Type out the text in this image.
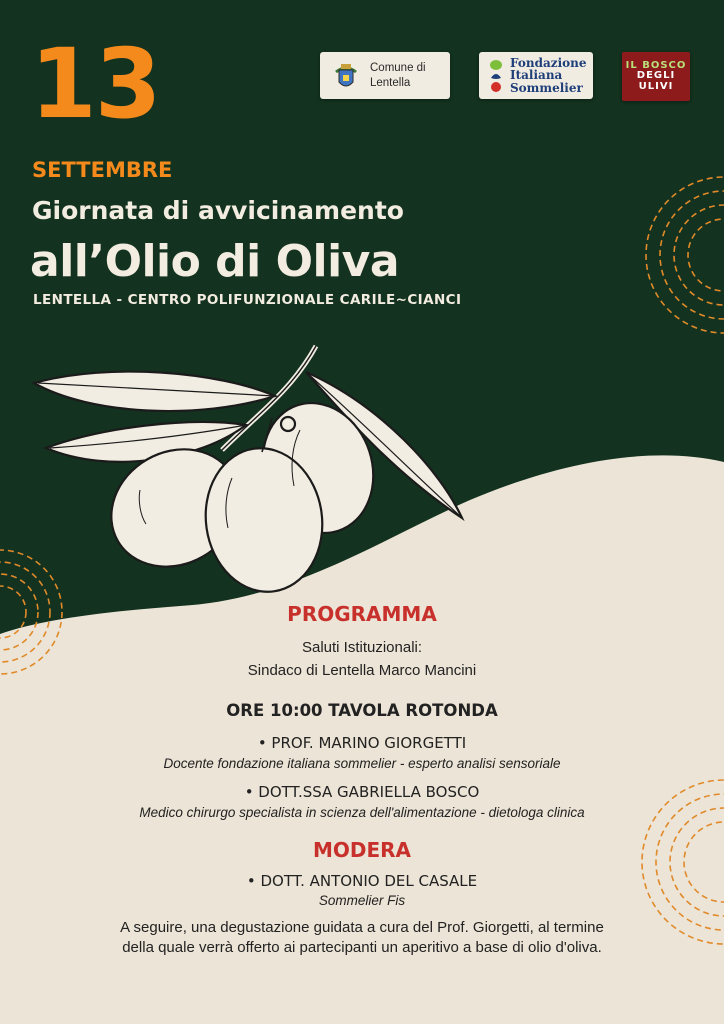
13
SETTEMBRE
Giornata di avvicinamento
all’Olio di Oliva
LENTELLA - CENTRO POLIFUNZIONALE CARILE~CIANCI
Comune di
Lentella
Fondazione
Italiana
Sommelier
IL BOSCO
DEGLI
ULIVI
PROGRAMMA
Saluti Istituzionali:
Sindaco di Lentella Marco Mancini
ORE 10:00 TAVOLA ROTONDA
• PROF. MARINO GIORGETTI
Docente fondazione italiana sommelier - esperto analisi sensoriale
• DOTT.SSA GABRIELLA BOSCO
Medico chirurgo specialista in scienza dell'alimentazione - dietologa clinica
MODERA
• DOTT. ANTONIO DEL CASALE
Sommelier Fis
A seguire, una degustazione guidata a cura del Prof. Giorgetti, al termine
della quale verrà offerto ai partecipanti un aperitivo a base di olio d'oliva.
